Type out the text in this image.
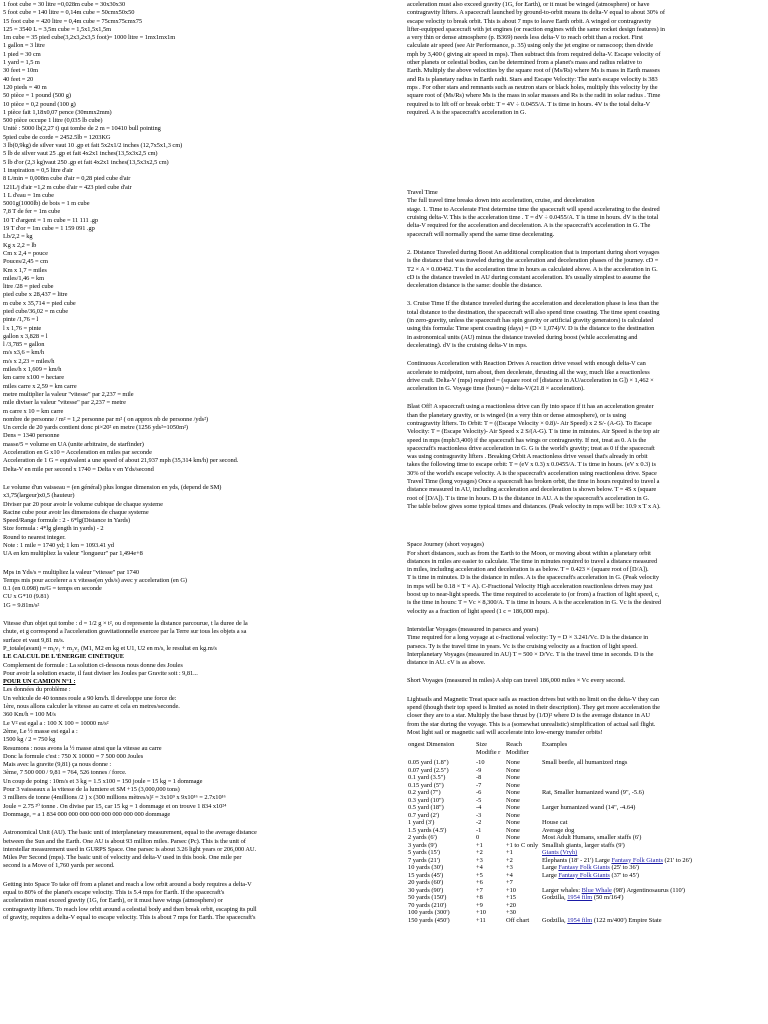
1 foot cube = 30 litre =0,028m cube = 30x30x30
5 foot cube = 140 litre = 0,14m cube = 50cmx50x50
15 foot cube = 420 litre = 0,4m cube = 75cmx75cmx75
125 = 3540 L = 3,5m cube = 1,5x1,5x1,5m
1m cube = 35 pied cube(3,2x3,2x3,5 foot)= 1000 litre = 1mx1mx1m
1 gallon = 3 litre
1 pied = 30 cm
1 yard = 1,5 m
30 feet = 10m
40 feet = 20
120 pieds = 40 m
50 pièce = 1 pound (500 g)
10 pièce = 0,2 pound (100 g)
1 pièce fait 1,18x0,07 pence (30mmx2mm)
500 pièce occupe 1 litre (0,035 lb cube)
Unité : 5000 lb(2,27 t) qui tombe de 2 m = 10410 bull pointing
5pied cube de corde = 2452.5lb = 1203KG
3 lb(0,9kg) de silver vaut 10 .gp et fait 5x2x1/2 inches (12,7x5x1,3 cm)
5 lb de silver vaut 25 .gp et fait 4x2x1 inches(13,5x3x2,5 cm)
5 lb d'or (2,3 kg)vaut 250 .gp et fait 4x2x1 inches(13,5x3x2,5 cm)
1 inspiration = 0,5 litre d'air
8 L/min = 0,008m cube d'air = 0,28 pied cube d'air
121L/j d'air =1,2 m cube d'air = 423 pied cube d'air
1 L d'eau = 1m cube
5001g(1000lb) de bois = 1 m cube
7,8 T de fer = 1m cube
10 T d'argent = 1 m cube = 11 111 .gp
19 T d'or = 1m cube = 1 159 091 .gp
Lb/2,2 = kg
Kg x 2,2 = lb
Cm x 2,4 = pouce
Pouces/2,45 = cm
Km x 1,7 = miles
miles/1,46 = km
litre /28 = pied cube
pied cube x 28,437 = litre
m cube x 35,714 = pied cube
pied cube/36,02 = m cube
pinte /1,76 = l
l x 1,76 = pinte
gallon x 3,828 = l
l /3,785 = gallon
m/s x3,6 = km/h
m/s x 2,23 = miles/h
miles/h x 1,609 = km/h
km carre x100 = hectare
miles carre x 2,59 = km carre
metre multiplier la valeur "vitesse" par 2,237 = mile
mile diviser la valeur "vitesse" par 2,237 = metre
m carre x 10 = km carre
nombre de personne / m² = 1,2 personne par m² ( on approx nb de personne /yds²)
Un cercle de 20 yards contient donc pi×20² en metre (1256 yds²=1050m²)
Dens = 1340 personne
masse/5 = volume en UA (unite arbitraire, de starfinder)
Acceleration en G x10 = Acceleration en miles par seconde
Acceleration de 1 G = equivalent a une speed of about 21,937 mph (35,314 km/h) per second.
Delta-V en mile per second x 1740 = Delta v en Yds/second
Le volume d'un vaisseau = (en général) plus longue dimension en yds, (depend de SM)
x3,75(largeur)x0,5 (hauteur)
Diviser par 20 pour avoir le volume cubique de chaque systeme
Racine cube pour avoir les dimensions de chaque systeme
Speed/Range formule : 2 - 6*lg(Distance in Yards)
Size formula : 4*lg glength in yards) - 2
Round to nearest integer.
Note : 1 mile = 1740 yd; 1 km = 1093.41 yd
UA en km multipliez la valeur "longueur" par 1,494e+8
Mps in Yds/s = multipliez la valeur "vitesse" par 1740
Temps mis pour accelerer a x vitesse(en yds/s) avec y acceleration (en G)
0.1 (en 0.098) m/G = temps en seconde
CU x G*10 (9.81)
1G = 9.81m/s²
Vitesse d'un objet qui tombe : d = 1/2 g × t², ou d represente la distance parcourue, t la duree de la
chute, et g correspond a l'acceleration gravitationnelle exercee par la Terre sur tous les objets a sa
surface et vaut 9,81 m/s.
P_totale(avant) = m₁v₁ + m₂v₂ (M1, M2 en kg et U1, U2 en m/s, le resultat en kg.m/s
LE CALCUL DE L'ÉNERGIE CINÉTIQUE
Complement de formule : La solution ci-dessous nous donne des Joules
Pour avoir la solution exacte, il faut diviser les Joules par Gravite soit : 9,81...
POUR UN CAMION N°1 :
Les données du problème :
Un vehicule de 40 tonnes roule a 90 km/h. Il developpe une force de:
1ère, nous allons calculer la vitesse au carre et cela en metres/seconde.
360 Km/h = 100 M/s
Le V² est egal a : 100 X 100 = 10000 m/s²
2ème, Le ½ masse est egal a :
1500 kg / 2 = 750 kg
Resumons : nous avons la ½ masse ainsi que la vitesse au carre
Donc la formule c'est : 750 X 10000 = 7 500 000 Joules
Mais avec la gravite (9,81) ça nous donne :
3ème, 7 500 000 / 9,81 = 764, 526 tonnes / force.
Un coup de poing : 10m/s et 3 kg = 1.5 x100 = 150 joule = 15 kg = 1 dommage
Pour 3 vaisseaux a la vitesse de la lumiere et SM +15 (3,000,000 tons)
3 milliers de tonne (4millions /2 ) x (300 millions mètres/s)² = 3x10⁹ x 9x10¹⁶ = 2.7x10¹⁶
Joule = 2.75 ²⁰ tonne . On divise par 15, car 15 kg = 1 dommage et on trouve 1 834 x10²⁴
Dommage, = a 1 834 000 000 000 000 000 000 000 000 dommage
Astronomical Unit (AU). The basic unit of interplanetary measurement, equal to the average distance
between the Sun and the Earth. One AU is about 93 million miles. Parsec (Pc). This is the unit of
interstellar measurement used in GURPS Space. One parsec is about 3.26 light years or 206,000 AU.
Miles Per Second (mps). The basic unit of velocity and delta-V used in this book. One mile per
second is a Move of 1,760 yards per second.
Getting into Space To take off from a planet and reach a low orbit around a body requires a delta-V
equal to 80% of the planet's escape velocity. This is 5.4 mps for Earth. If the spacecraft's
acceleration must exceed gravity (1G, for Earth), or it must have wings (atmosphere) or
contragravity lifters. To reach low orbit around a celestial body and then break orbit, escaping its pull
of gravity, requires a delta-V equal to escape velocity. This is about 7 mps for Earth. The spacecraft's
acceleration must also exceed gravity (1G, for Earth), or it must be winged (atmosphere) or have
contragravity lifters. A spacecraft launched by ground-to-orbit means its delta-V equal to about 30% of
escape velocity to break orbit. This is about 7 mps to leave Earth orbit. A winged or contragravity
lifter-equipped spacecraft with jet engines (or reaction engines with the same rocket design features) in
a very thin or dense atmosphere (p. B369) needs less delta-V to reach orbit than a rocket. First
calculate air speed (see Air Performance, p. 35) using only the jet engine or ramscoop; then divide
mph by 3,400 ( giving air speed in mps). Then subtract this from required delta-V. Escape velocity of
other planets or celestial bodies, can be determined from a planet's mass and radius relative to
Earth. Multiply the above velocities by the square root of (Ms/Rs) where Ms is mass in Earth masses
and Rs is planetary radius in Earth radii. Stars and Escape Velocity: The sun's escape velocity is 383
mps . For other stars and remnants such as neutron stars or black holes, multiply this velocity by the
square root of (Ms/Rs) where Ms is the mass in solar masses and Rs is the radii in solar radius . Time
required is to lift off or break orbit: T = 4V ÷ 0.0455/A. T is time in hours. 4V is the total delta-V
required. A is the spacecraft's acceleration in G.
Travel Time
The full travel time breaks down into acceleration, cruise, and deceleration
stage. 1. Time to Accelerate First determine time the spacecraft will spend accelerating to the desired
cruising delta-V. This is the acceleration time . T = dV ÷ 0.0455/A. T is time in hours. dV is the total
delta-V required for the acceleration and deceleration. A is the spacecraft's acceleration in G. The
spacecraft will normally spend the same time decelerating.
2. Distance Traveled during Boost An additional complication that is important during short voyages
is the distance that was traveled during the acceleration and deceleration phases of the journey. cD =
T2 × A × 0.00462. T is the acceleration time in hours as calculated above. A is the acceleration in G.
cD is the distance traveled in AU during constant acceleration. It's usually simplest to assume the
deceleration distance is the same: double the distance.
3. Cruise Time If the distance traveled during the acceleration and deceleration phase is less than the
total distance to the destination, the spacecraft will also spend time coasting. The time spent coasting
(in zero-gravity, unless the spacecraft has spin gravity or artificial gravity generators) is calculated
using this formula: Time spent coasting (days) = (D × 1,074)/V. D is the distance to the destination
in astronomical units (AU) minus the distance traveled during boost (while accelerating and
decelerating). dV is the cruising delta-V in mps.
Continuous Acceleration with Reaction Drives A reaction drive vessel with enough delta-V can
accelerate to midpoint, turn about, then decelerate, thrusting all the way, much like a reactionless
drive craft. Delta-V (mps) required = (square root of [distance in AU/acceleration in G]) × 1,462 ×
acceleration in G. Voyage time (hours) = delta-V/(21.8 × acceleration).
Blast Off! A spacecraft using a reactionless drive can fly into space if it has an acceleration greater
than the planetary gravity, or is winged (in a very thin or dense atmosphere), or is using
contragravity lifters. To Orbit: T = ((Escape Velocity × 0.8)/- Air Speed) x 2 S/- (A-G). To Escape
Velocity: T = (Escape Velocity)- Air Speed x 2 S/(A-G). T is time in minutes. Air Speed is the top air
speed in mps (mph/3,400) if the spacecraft has wings or contragravity. If not, treat as 0. A is the
spacecraft's reactionless drive acceleration in G. G is the world's gravity; treat as 0 if the spacecraft
was using contragravity lifters . Breaking Orbit A reactionless drive vessel that's already in orbit
takes the following time to escape orbit: T = (eV x 0.3) x 0.0455/A. T is time in hours. (eV x 0.3) is
30% of the world's escape velocity. A is the spacecraft's acceleration using reactionless drive. Space
Travel Time (long voyages) Once a spacecraft has broken orbit, the time in hours required to travel a
distance measured in AU, including acceleration and deceleration is shown below. T = 4S x (square
root of [D/A]). T is time in hours. D is the distance in AU. A is the spacecraft's acceleration in G.
The table below gives some typical times and distances. (Peak velocity in mps will be: 10.9 x T x A).
Space Journey (short voyages)
For short distances, such as from the Earth to the Moon, or moving about within a planetary orbit
distances in miles are easier to calculate. The time in minutes required to travel a distance measured
in miles, including acceleration and deceleration is as below. T = 0.423 × (square root of [D/A]).
T is time in minutes. D is the distance in miles. A is the spacecraft's acceleration in G. (Peak velocity
in mps will be 0.18 × T × A). C-Fractional Velocity High acceleration reactionless drives may just
boost up to near-light speeds. The time required to accelerate to (or from) a fraction of light speed, c,
is the time in hours: T = Vc × 8,300/A. T is time in hours. A is the acceleration in G. Vc is the desired
velocity as a fraction of light speed (1 c = 186,000 mps).
Interstellar Voyages (measured in parsecs and years)
Time required for a long voyage at c-fractional velocity: Ty = D × 3.241/Vc. D is the distance in
parsecs. Ty is the travel time in years. Vc is the cruising velocity as a fraction of light speed.
Interplanetary Voyages (measured in AU) T = 500 × D/Vc. T is the travel time in seconds. D is the
distance in AU. cV is as above.
Short Voyages (measured in miles) A ship can travel 186,000 miles × Vc every second.
Lightsails and Magnetic Treat space sails as reaction drives but with no limit on the delta-V they can
spend (though their top speed is limited as noted in their description). They get more acceleration the
closer they are to a star. Multiply the base thrust by (1/D)² where D is the average distance in AU
from the star during the voyage. This is a (somewhat unrealistic) simplification of actual sail flight.
Most light sail or magnetic sail will accelerate into low-energy transfer orbits!
ongest Dimension	Size Modifie r	Reach Modifier	Examples
0.05 yard (1.8")	-10	None	Small beetle, all humanized rings
0.07 yard (2.5")	-9	None	
0.1 yard (3.5")	-8	None	
0.15 yard (5")	-7	None	
0.2 yard (7")	-6	None	Rat, Smaller humanized wand (9", -5.6)
0.3 yard (10")	-5	None	
0.5 yard (18")	-4	None	Larger humanized wand (14", -4.64)
0.7 yard (2')	-3	None	
1 yard (3')	-2	None	House cat
1.5 yards (4.5')	-1	None	Average dog
2 yards (6')	0	None	Most Adult Humans, smaller staffs (6')
3 yards (9')	+1	+1 to C only	Smallish giants, larger staffs (9')
5 yards (15')	+2	+1	Giants (Vryh)
7 yards (21')	+3	+2	Elephants (18' - 21') Large Fantasy Folk Giants (21' to 26')
10 yards (30')	+4	+3	Large Fantasy Folk Giants (25' to 36')
15 yards (45')	+5	+4	Large Fantasy Folk Giants (37' to 45')
20 yards (60')	+6	+7	
30 yards (90')	+7	+10	Larger whales: Blue Whale (98') Argentinosaurus (110')
50 yards (150')	+8	+15	Godzilla, 1954 film (50 m/164')
70 yards (210')	+9	+20	
100 yards (300')	+10	+30	
150 yards (450')	+11	Off chart	Godzilla, 1954 film (122 m/400') Empire State
